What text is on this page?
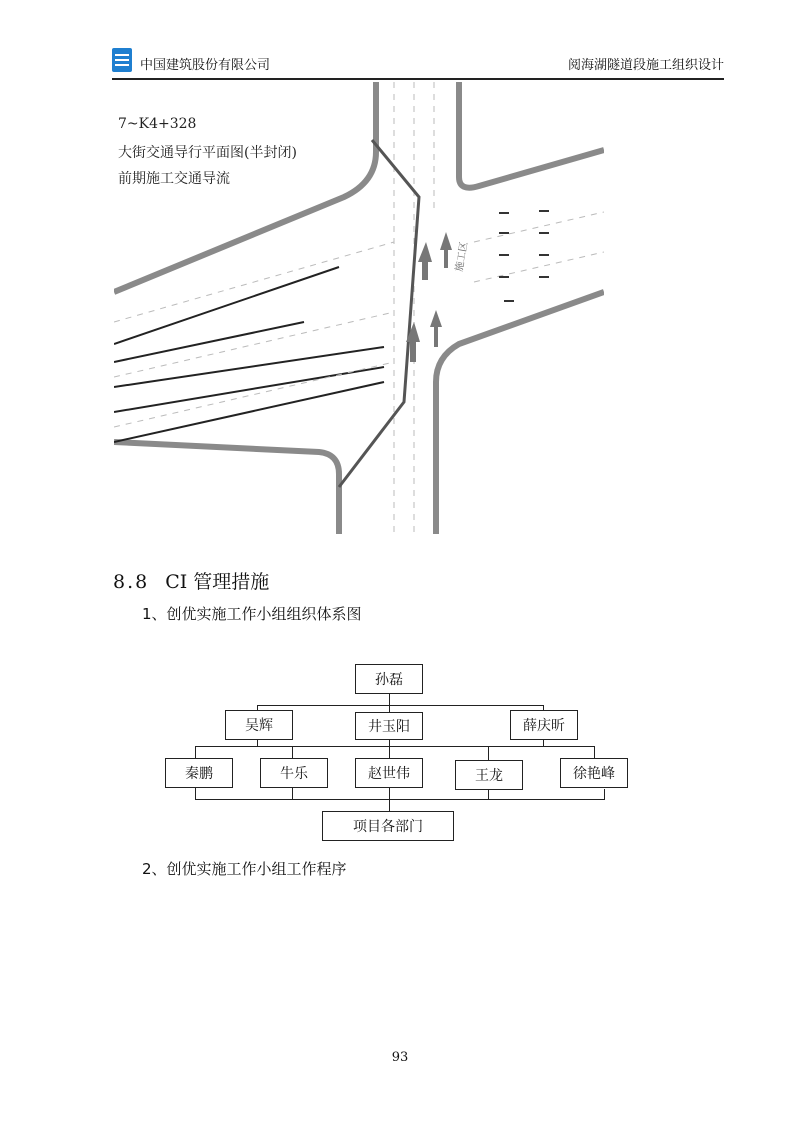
中国建筑股份有限公司	阅海湖隧道段施工组织设计
施工区
7~K4+328
大街交通导行平面图(半封闭)
前期施工交通导流
8.8 CI 管理措施
1、创优实施工作小组组织体系图
孙磊
吴辉	井玉阳	薛庆昕
秦鹏	牛乐	赵世伟	王龙	徐艳峰
项目各部门
2、创优实施工作小组工作程序
93
